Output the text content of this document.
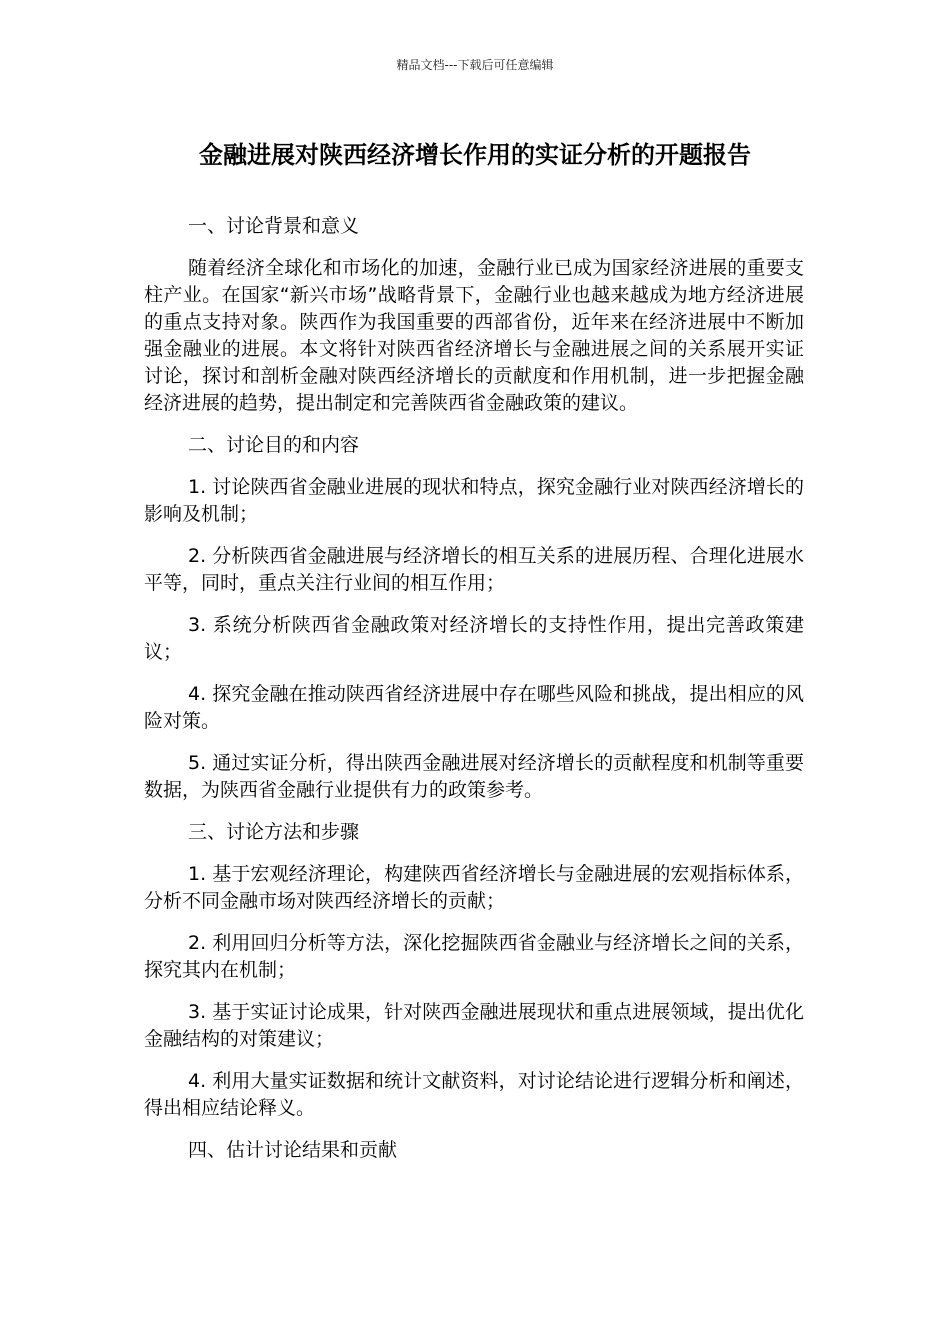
精品文档---下载后可任意编辑
金融进展对陕西经济增长作用的实证分析的开题报告

一、讨论背景和意义

随着经济全球化和市场化的加速，金融行业已成为国家经济进展的重要支柱产业。在国家“新兴市场”战略背景下，金融行业也越来越成为地方经济进展的重点支持对象。陕西作为我国重要的西部省份，近年来在经济进展中不断加强金融业的进展。本文将针对陕西省经济增长与金融进展之间的关系展开实证讨论，探讨和剖析金融对陕西经济增长的贡献度和作用机制，进一步把握金融经济进展的趋势，提出制定和完善陕西省金融政策的建议。

二、讨论目的和内容

1. 讨论陕西省金融业进展的现状和特点，探究金融行业对陕西经济增长的影响及机制；

2. 分析陕西省金融进展与经济增长的相互关系的进展历程、合理化进展水平等，同时，重点关注行业间的相互作用；

3. 系统分析陕西省金融政策对经济增长的支持性作用，提出完善政策建议；

4. 探究金融在推动陕西省经济进展中存在哪些风险和挑战，提出相应的风险对策。

5. 通过实证分析，得出陕西金融进展对经济增长的贡献程度和机制等重要数据，为陕西省金融行业提供有力的政策参考。

三、讨论方法和步骤

1. 基于宏观经济理论，构建陕西省经济增长与金融进展的宏观指标体系，分析不同金融市场对陕西经济增长的贡献；

2. 利用回归分析等方法，深化挖掘陕西省金融业与经济增长之间的关系，探究其内在机制；

3. 基于实证讨论成果，针对陕西金融进展现状和重点进展领域，提出优化金融结构的对策建议；

4. 利用大量实证数据和统计文献资料，对讨论结论进行逻辑分析和阐述，得出相应结论释义。

四、估计讨论结果和贡献
